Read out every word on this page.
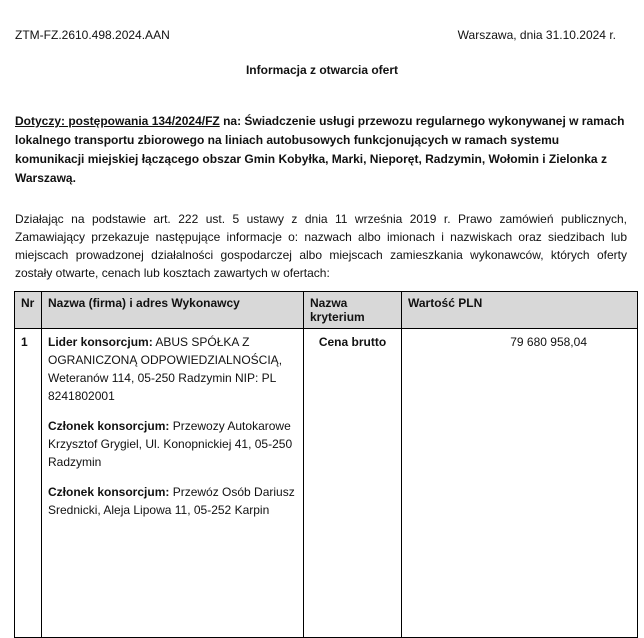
ZTM-FZ.2610.498.2024.AAN	Warszawa, dnia 31.10.2024 r.
Informacja z otwarcia ofert
Dotyczy: postępowania 134/2024/FZ na: Świadczenie usługi przewozu regularnego wykonywanej w ramach lokalnego transportu zbiorowego na liniach autobusowych funkcjonujących w ramach systemu komunikacji miejskiej łączącego obszar Gmin Kobyłka, Marki, Nieporęt, Radzymin, Wołomin i Zielonka z Warszawą.
Działając na podstawie art. 222 ust. 5 ustawy z dnia 11 września 2019 r. Prawo zamówień publicznych, Zamawiający przekazuje następujące informacje o: nazwach albo imionach i nazwiskach oraz siedzibach lub miejscach prowadzonej działalności gospodarczej albo miejscach zamieszkania wykonawców, których oferty zostały otwarte, cenach lub kosztach zawartych w ofertach:
Nr	Nazwa (firma) i adres Wykonawcy	Nazwa kryterium	Wartość PLN
1	Lider konsorcjum: ABUS SPÓŁKA Z OGRANICZONĄ ODPOWIEDZIALNOŚCIĄ, Weteranów 114, 05-250 Radzymin NIP: PL 8241802001
Członek konsorcjum: Przewozy Autokarowe Krzysztof Grygiel, Ul. Konopnickiej 41, 05-250 Radzymin
Członek konsorcjum: Przewóz Osób Dariusz Srednicki, Aleja Lipowa 11, 05-252 Karpin	Cena brutto	79 680 958,04
